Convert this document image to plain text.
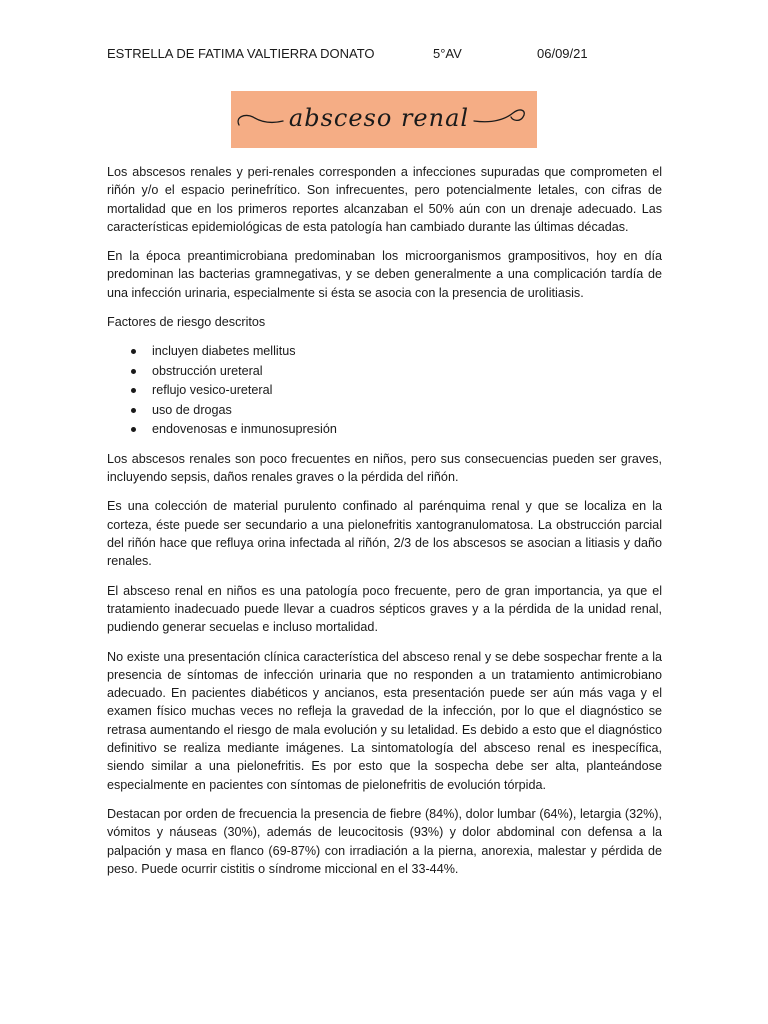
ESTRELLA DE FATIMA VALTIERRA DONATO	5°AV	06/09/21
absceso renal

Los abscesos renales y peri-renales corresponden a infecciones supuradas que comprometen el riñón y/o el espacio perinefrítico. Son infrecuentes, pero potencialmente letales, con cifras de mortalidad que en los primeros reportes alcanzaban el 50% aún con un drenaje adecuado. Las características epidemiológicas de esta patología han cambiado durante las últimas décadas.

En la época preantimicrobiana predominaban los microorganismos grampositivos, hoy en día predominan las bacterias gramnegativas, y se deben generalmente a una complicación tardía de una infección urinaria, especialmente si ésta se asocia con la presencia de urolitiasis.

Factores de riesgo descritos

incluyen diabetes mellitus
obstrucción ureteral
reflujo vesico-ureteral
uso de drogas
endovenosas e inmunosupresión

Los abscesos renales son poco frecuentes en niños, pero sus consecuencias pueden ser graves, incluyendo sepsis, daños renales graves o la pérdida del riñón.

Es una colección de material purulento confinado al parénquima renal y que se localiza en la corteza, éste puede ser secundario a una pielonefritis xantogranulomatosa. La obstrucción parcial del riñón hace que refluya orina infectada al riñón, 2/3 de los abscesos se asocian a litiasis y daño renales.

El absceso renal en niños es una patología poco frecuente, pero de gran importancia, ya que el tratamiento inadecuado puede llevar a cuadros sépticos graves y a la pérdida de la unidad renal, pudiendo generar secuelas e incluso mortalidad.

No existe una presentación clínica característica del absceso renal y se debe sospechar frente a la presencia de síntomas de infección urinaria que no responden a un tratamiento antimicrobiano adecuado. En pacientes diabéticos y ancianos, esta presentación puede ser aún más vaga y el examen físico muchas veces no refleja la gravedad de la infección, por lo que el diagnóstico se retrasa aumentando el riesgo de mala evolución y su letalidad. Es debido a esto que el diagnóstico definitivo se realiza mediante imágenes. La sintomatología del absceso renal es inespecífica, siendo similar a una pielonefritis. Es por esto que la sospecha debe ser alta, planteándose especialmente en pacientes con síntomas de pielonefritis de evolución tórpida.

Destacan por orden de frecuencia la presencia de fiebre (84%), dolor lumbar (64%), letargia (32%), vómitos y náuseas (30%), además de leucocitosis (93%) y dolor abdominal con defensa a la palpación y masa en flanco (69-87%) con irradiación a la pierna, anorexia, malestar y pérdida de peso. Puede ocurrir cistitis o síndrome miccional en el 33-44%.
